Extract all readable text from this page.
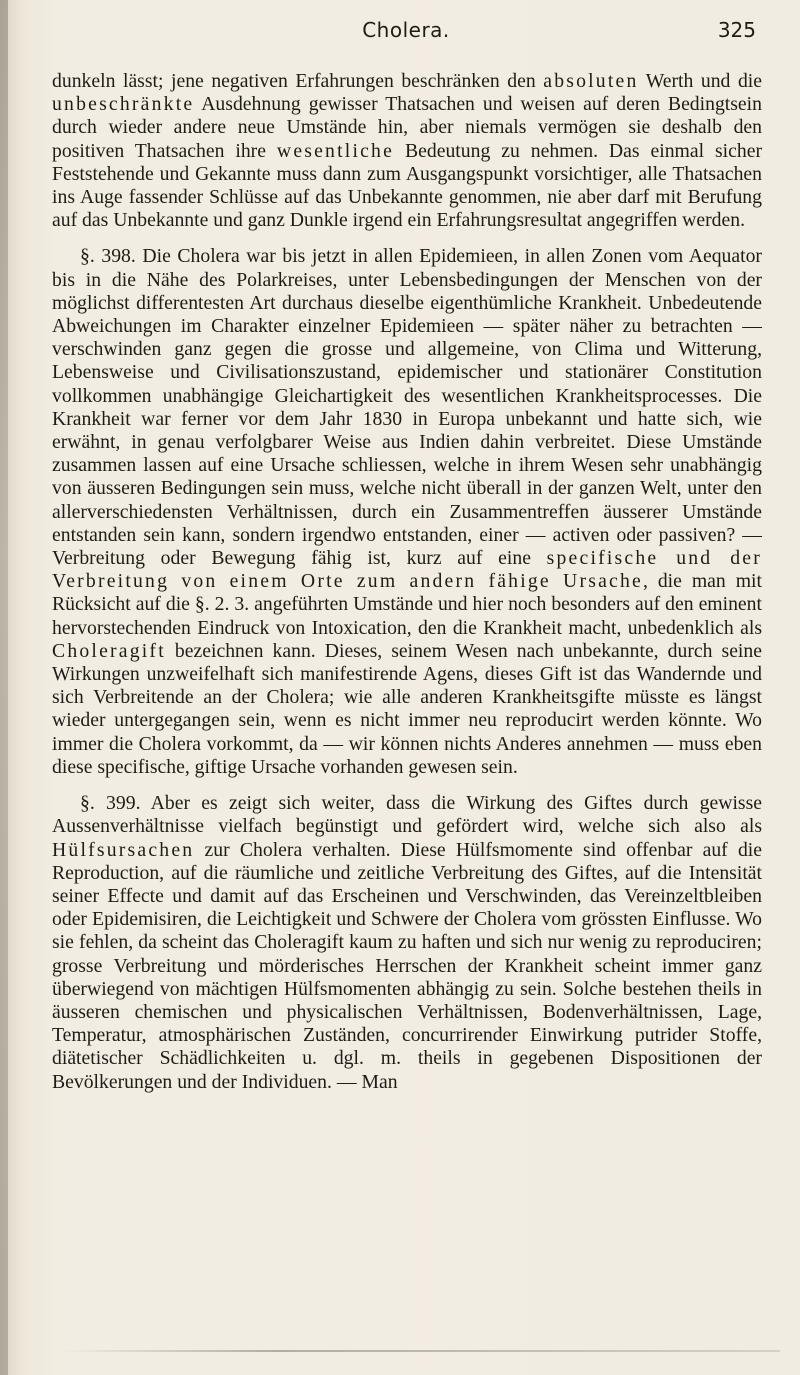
Cholera.	325

dunkeln lässt; jene negativen Erfahrungen beschränken den absoluten Werth und die unbeschränkte Ausdehnung gewisser Thatsachen und weisen auf deren Bedingtsein durch wieder andere neue Umstände hin, aber niemals vermögen sie deshalb den positiven Thatsachen ihre wesentliche Bedeutung zu nehmen. Das einmal sicher Feststehende und Gekannte muss dann zum Ausgangspunkt vorsichtiger, alle Thatsachen ins Auge fassender Schlüsse auf das Unbekannte genommen, nie aber darf mit Berufung auf das Unbekannte und ganz Dunkle irgend ein Erfahrungsresultat angegriffen werden.

§. 398. Die Cholera war bis jetzt in allen Epidemieen, in allen Zonen vom Aequator bis in die Nähe des Polarkreises, unter Lebensbedingungen der Menschen von der möglichst differentesten Art durchaus dieselbe eigenthümliche Krankheit. Unbedeutende Abweichungen im Charakter einzelner Epidemieen — später näher zu betrachten — verschwinden ganz gegen die grosse und allgemeine, von Clima und Witterung, Lebensweise und Civilisationszustand, epidemischer und stationärer Constitution vollkommen unabhängige Gleichartigkeit des wesentlichen Krankheitsprocesses. Die Krankheit war ferner vor dem Jahr 1830 in Europa unbekannt und hatte sich, wie erwähnt, in genau verfolgbarer Weise aus Indien dahin verbreitet. Diese Umstände zusammen lassen auf eine Ursache schliessen, welche in ihrem Wesen sehr unabhängig von äusseren Bedingungen sein muss, welche nicht überall in der ganzen Welt, unter den allerverschiedensten Verhältnissen, durch ein Zusammentreffen äusserer Umstände entstanden sein kann, sondern irgendwo entstanden, einer — activen oder passiven? — Verbreitung oder Bewegung fähig ist, kurz auf eine specifische und der Verbreitung von einem Orte zum andern fähige Ursache, die man mit Rücksicht auf die §. 2. 3. angeführten Umstände und hier noch besonders auf den eminent hervorstechenden Eindruck von Intoxication, den die Krankheit macht, unbedenklich als Choleragift bezeichnen kann. Dieses, seinem Wesen nach unbekannte, durch seine Wirkungen unzweifelhaft sich manifestirende Agens, dieses Gift ist das Wandernde und sich Verbreitende an der Cholera; wie alle anderen Krankheitsgifte müsste es längst wieder untergegangen sein, wenn es nicht immer neu reproducirt werden könnte. Wo immer die Cholera vorkommt, da — wir können nichts Anderes annehmen — muss eben diese specifische, giftige Ursache vorhanden gewesen sein.

§. 399. Aber es zeigt sich weiter, dass die Wirkung des Giftes durch gewisse Aussenverhältnisse vielfach begünstigt und gefördert wird, welche sich also als Hülfsursachen zur Cholera verhalten. Diese Hülfsmomente sind offenbar auf die Reproduction, auf die räumliche und zeitliche Verbreitung des Giftes, auf die Intensität seiner Effecte und damit auf das Erscheinen und Verschwinden, das Vereinzeltbleiben oder Epidemisiren, die Leichtigkeit und Schwere der Cholera vom grössten Einflusse. Wo sie fehlen, da scheint das Choleragift kaum zu haften und sich nur wenig zu reproduciren; grosse Verbreitung und mörderisches Herrschen der Krankheit scheint immer ganz überwiegend von mächtigen Hülfsmomenten abhängig zu sein. Solche bestehen theils in äusseren chemischen und physicalischen Verhältnissen, Bodenverhältnissen, Lage, Temperatur, atmosphärischen Zuständen, concurrirender Einwirkung putrider Stoffe, diätetischer Schädlichkeiten u. dgl. m. theils in gegebenen Dispositionen der Bevölkerungen und der Individuen. — Man
